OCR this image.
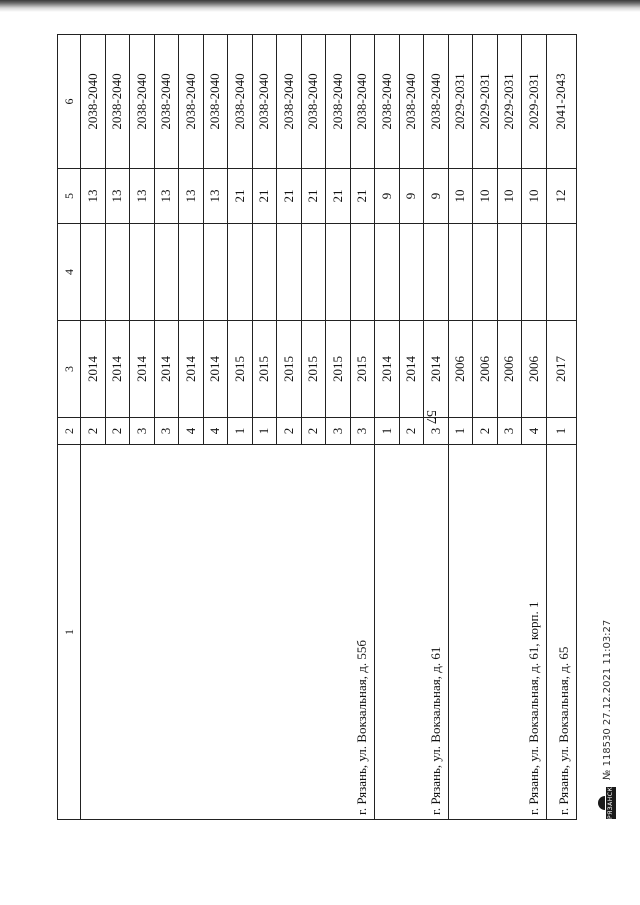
57
1	2	3	4	5	6
г. Рязань, ул. Вокзальная, д. 55б	2	2014		13	2038-2040
	2	2014		13	2038-2040
	3	2014		13	2038-2040
	3	2014		13	2038-2040
	4	2014		13	2038-2040
	4	2014		13	2038-2040
	1	2015		21	2038-2040
	1	2015		21	2038-2040
	2	2015		21	2038-2040
	2	2015		21	2038-2040
	3	2015		21	2038-2040
	3	2015		21	2038-2040
г. Рязань, ул. Вокзальная, д. 61	1	2014		9	2038-2040
	2	2014		9	2038-2040
	3	2014		9	2038-2040
г. Рязань, ул. Вокзальная, д. 61, корп. 1	1	2006		10	2029-2031
	2	2006		10	2029-2031
	3	2006		10	2029-2031
	4	2006		10	2029-2031
г. Рязань, ул. Вокзальная, д. 65	1	2017		12	2041-2043
РЯЗАНСКАЯ ОБЛАСТНАЯ ДУМА
№ 118530 27.12.2021 11:03:27
